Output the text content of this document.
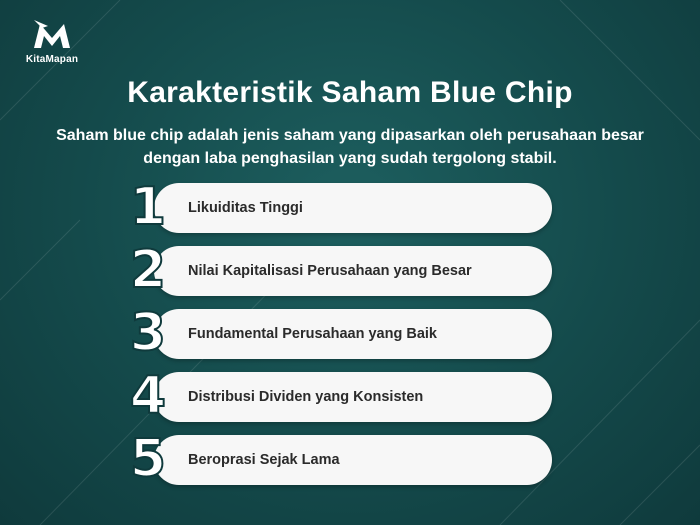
KitaMapan
Karakteristik Saham Blue Chip
Saham blue chip adalah jenis saham yang dipasarkan oleh perusahaan besar dengan laba penghasilan yang sudah tergolong stabil.
1 Likuiditas Tinggi
2 Nilai Kapitalisasi Perusahaan yang Besar
3 Fundamental Perusahaan yang Baik
4 Distribusi Dividen yang Konsisten
5 Beroprasi Sejak Lama
